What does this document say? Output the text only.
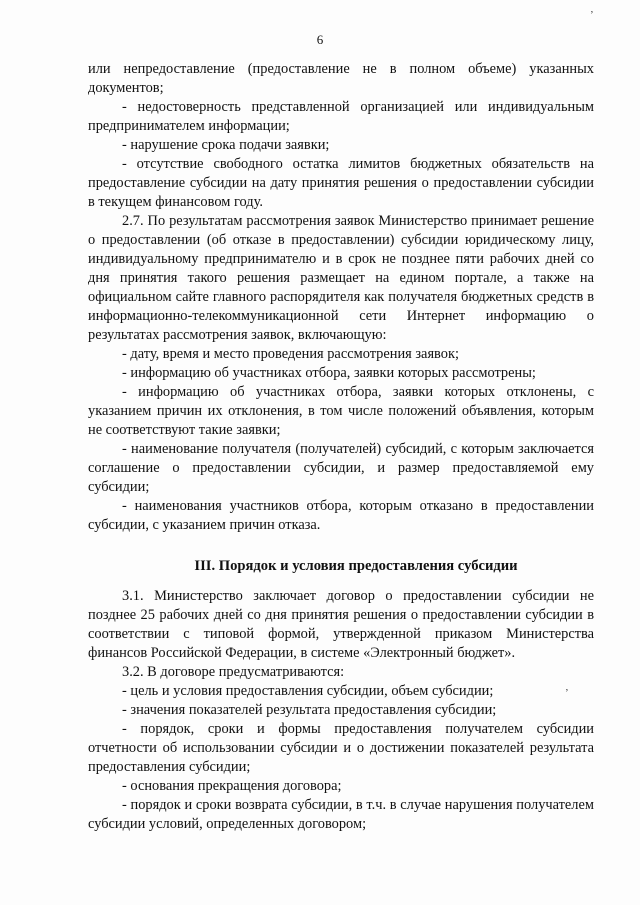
6

или непредоставление (предоставление не в полном объеме) указанных документов;

- недостоверность представленной организацией или индивидуальным предпринимателем информации;

- нарушение срока подачи заявки;

- отсутствие свободного остатка лимитов бюджетных обязательств на предоставление субсидии на дату принятия решения о предоставлении субсидии в текущем финансовом году.

2.7. По результатам рассмотрения заявок Министерство принимает решение о предоставлении (об отказе в предоставлении) субсидии юридическому лицу, индивидуальному предпринимателю и в срок не позднее пяти рабочих дней со дня принятия такого решения размещает на едином портале, а также на официальном сайте главного распорядителя как получателя бюджетных средств в информационно-телекоммуникационной сети Интернет информацию о результатах рассмотрения заявок, включающую:

- дату, время и место проведения рассмотрения заявок;

- информацию об участниках отбора, заявки которых рассмотрены;

- информацию об участниках отбора, заявки которых отклонены, с указанием причин их отклонения, в том числе положений объявления, которым не соответствуют такие заявки;

- наименование получателя (получателей) субсидий, с которым заключается соглашение о предоставлении субсидии, и размер предоставляемой ему субсидии;

- наименования участников отбора, которым отказано в предоставлении субсидии, с указанием причин отказа.

III. Порядок и условия предоставления субсидии

3.1. Министерство заключает договор о предоставлении субсидии не позднее 25 рабочих дней со дня принятия решения о предоставлении субсидии в соответствии с типовой формой, утвержденной приказом Министерства финансов Российской Федерации, в системе «Электронный бюджет».

3.2. В договоре предусматриваются:

- цель и условия предоставления субсидии, объем субсидии;

- значения показателей результата предоставления субсидии;

- порядок, сроки и формы предоставления получателем субсидии отчетности об использовании субсидии и о достижении показателей результата предоставления субсидии;

- основания прекращения договора;

- порядок и сроки возврата субсидии, в т.ч. в случае нарушения получателем субсидии условий, определенных договором;

ʼ
ʼ
